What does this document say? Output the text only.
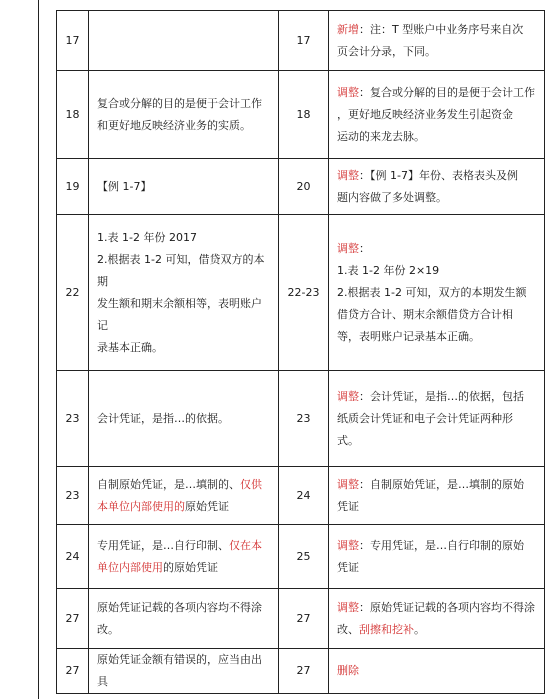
17		17	新增：注：T 型账户中业务序号来自次
页会计分录，下同。

18	复合或分解的目的是便于会计工作
和更好地反映经济业务的实质。	18	调整：复合或分解的目的是便于会计工作
，更好地反映经济业务发生引起资金
运动的来龙去脉。

19	【例 1-7】	20	调整：【例 1-7】年份、表格表头及例
题内容做了多处调整。

22	1.表 1-2 年份 2017
2.根据表 1-2 可知，借贷双方的本期
发生额和期末余额相等，表明账户记
录基本正确。	22-23	调整：
1.表 1-2 年份 2×19
2.根据表 1-2 可知，双方的本期发生额
借贷方合计、期末余额借贷方合计相
等，表明账户记录基本正确。

23	会计凭证，是指…的依据。	23	调整：会计凭证，是指…的依据，包括
纸质会计凭证和电子会计凭证两种形
式。

23	自制原始凭证，是…填制的、仅供本单位内部使用的原始凭证	24	调整：自制原始凭证，是…填制的原始
凭证

24	专用凭证，是…自行印制、仅在本单位内部使用的原始凭证	25	调整：专用凭证，是…自行印制的原始
凭证

27	原始凭证记载的各项内容均不得涂
改。	27	调整：原始凭证记载的各项内容均不得涂改、刮擦和挖补。
27	原始凭证金额有错误的，应当由出具	27	删除
